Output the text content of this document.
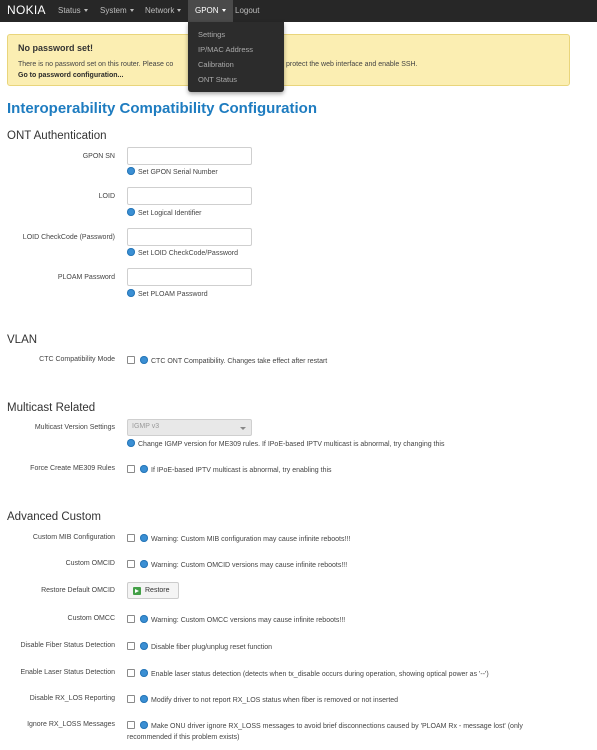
NOKIA Status	System	Network	GPON	Logout
Settings
IP/MAC Address
Calibration
ONT Status
No password set!
There is no password set on this router. Please co	protect the web interface and enable SSH.
Go to password configuration...
Interoperability Compatibility Configuration
ONT Authentication
GPON SN
Set GPON Serial Number
LOID
Set Logical Identifier
LOID CheckCode (Password)
Set LOID CheckCode/Password
PLOAM Password
Set PLOAM Password
VLAN
CTC Compatibility Mode	CTC ONT Compatibility. Changes take effect after restart
Multicast Related
Multicast Version Settings IGMP v3
Change IGMP version for ME309 rules. If IPoE-based IPTV multicast is abnormal, try changing this
Force Create ME309 Rules	If IPoE-based IPTV multicast is abnormal, try enabling this
Advanced Custom
Custom MIB Configuration	Warning: Custom MIB configuration may cause infinite reboots!!!
Custom OMCID	Warning: Custom OMCID versions may cause infinite reboots!!!
Restore Default OMCID	Restore
Custom OMCC	Warning: Custom OMCC versions may cause infinite reboots!!!
Disable Fiber Status Detection	Disable fiber plug/unplug reset function
Enable Laser Status Detection	Enable laser status detection (detects when tx_disable occurs during operation, showing optical power as '--')
Disable RX_LOS Reporting	Modify driver to not report RX_LOS status when fiber is removed or not inserted
Ignore RX_LOSS Messages	Make ONU driver ignore RX_LOSS messages to avoid brief disconnections caused by 'PLOAM Rx - message lost' (only
recommended if this problem exists)
